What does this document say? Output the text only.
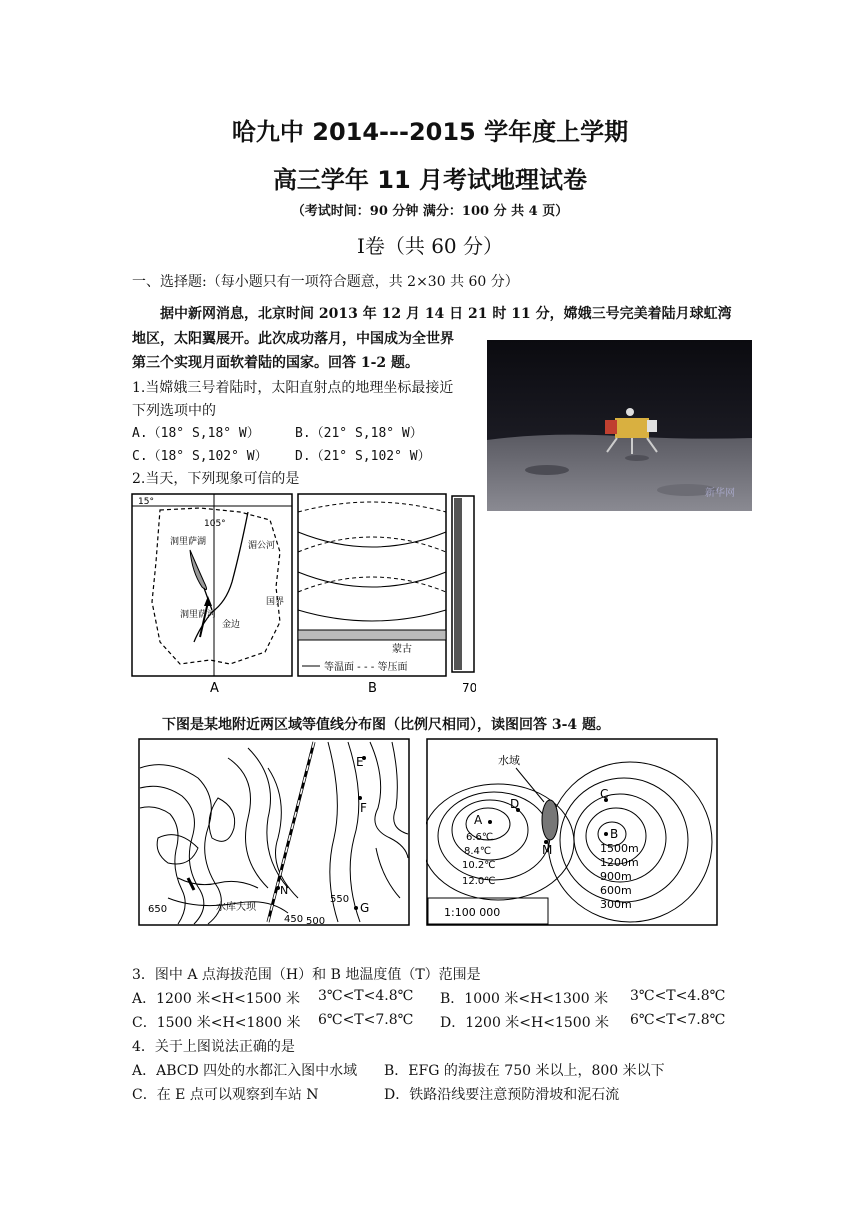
哈九中 2014---2015 学年度上学期
高三学年 11 月考试地理试卷
（考试时间：90 分钟 满分：100 分 共 4 页）
Ⅰ卷（共 60 分）
一、选择题:（每小题只有一项符合题意，共 2×30 共 60 分）
据中新网消息，北京时间 2013 年 12 月 14 日 21 时 11 分，嫦娥三号完美着陆月球虹湾
地区，太阳翼展开。此次成功落月，中国成为全世界
第三个实现月面软着陆的国家。回答 1-2 题。
新华网
1.当嫦娥三号着陆时，太阳直射点的地理坐标最接近
下列选项中的
A.（18° S,18° W）	B.（21° S,18° W）
C.（18° S,102° W） D.（21° S,102° W）
2.当天，下列现象可信的是
15°
105°
洞里萨湖	湄公河
国界
洞里萨河
金边
A
蒙古
等温面 - - - 等压面
B	70
下图是某地附近两区域等值线分布图（比例尺相同），读图回答 3-4 题。
E
F
G
N
水库大坝
650
450 500
550
水域
A
B
C
D
M
6.6℃
8.4℃
10.2℃
12.0℃
1500m
1200m
900m
600m
300m
1:100 000
3．图中 A 点海拔范围（H）和 B 地温度值（T）范围是
A．1200 米<H<1500 米 3℃<T<4.8℃ B．1000 米<H<1300 米 3℃<T<4.8℃
C．1500 米<H<1800 米 6℃<T<7.8℃ D．1200 米<H<1500 米 6℃<T<7.8℃
4．关于上图说法正确的是
A．ABCD 四处的水都汇入图中水域 B．EFG 的海拔在 750 米以上，800 米以下
C．在 E 点可以观察到车站 N	D．铁路沿线要注意预防滑坡和泥石流
